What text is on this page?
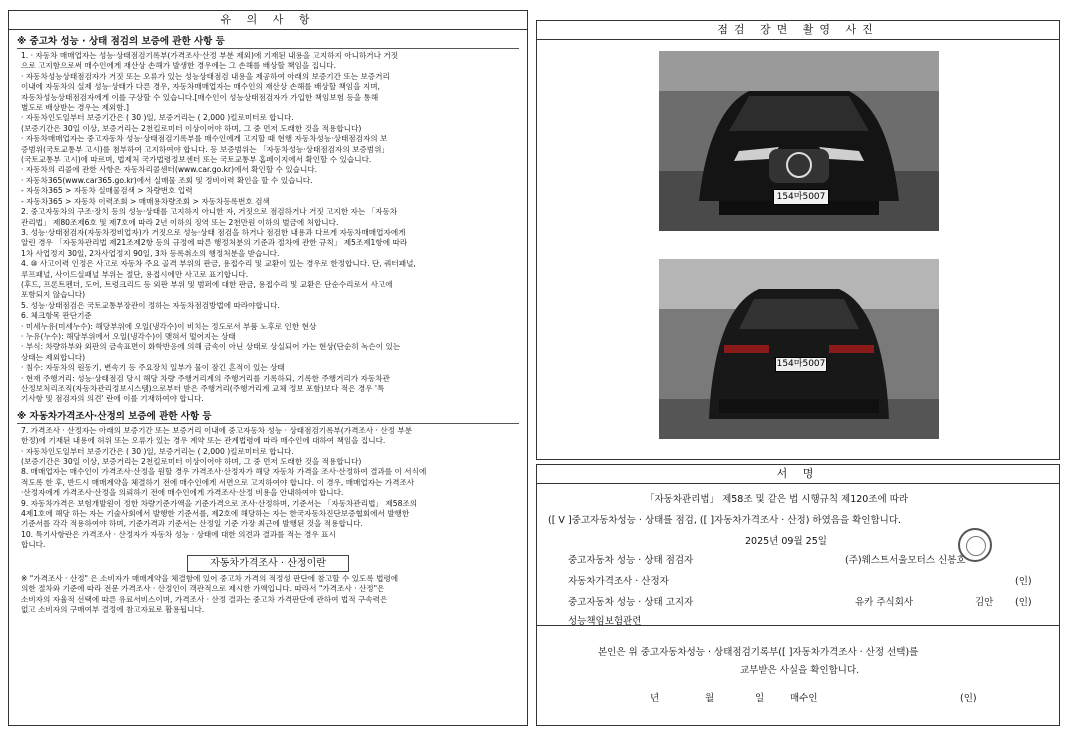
유 의 사 항
※ 중고차 성능 · 상태 점검의 보증에 관한 사항 등
1. · 자동차 매매업자는 성능·상태점검기록부(가격조사·산정 부분 제외)에 기재된 내용을 고지하지 아니하거나 거짓
으로 고지함으로써 매수인에게 재산상 손해가 발생한 경우에는 그 손해를 배상할 책임을 집니다.
· 자동차성능상태점검자가 거짓 또는 오류가 있는 성능상태점검 내용을 제공하여 아래의 보증기간 또는 보증거리
이내에 자동차의 실제 성능·상태가 다른 경우, 자동차매매업자는 매수인의 재산상 손해를 배상할 책임을 지며,
자동차성능상태점검자에게 이를 구상할 수 있습니다.[매수인이 성능상태점검자가 가입한 책임보험 등을 통해
별도로 배상받는 경우는 제외함.]
· 자동차인도일부터 보증기간은 ( 30 )일, 보증거리는 ( 2,000 )킬로미터로 합니다.
(보증기간은 30일 이상, 보증거리는 2천킬로미터 이상이어야 하며, 그 중 먼저 도래한 것을 적용합니다)
· 자동차매매업자는 중고자동차 성능·상태점검기록부를 매수인에게 고지할 때 현행 자동차성능·상태점검자의 보
증범위(국토교통부 고시)를 첨부하여 고지하여야 합니다. 등 보증범위는 「자동차성능·상태점검자의 보증범위」
(국토교통부 고시)에 따르며, 법제처 국가법령정보센터 또는 국토교통부 홈페이지에서 확인할 수 있습니다.
· 자동차의 리콜에 관한 사항은 자동차리콜센터(www.car.go.kr)에서 확인할 수 있습니다.
· 자동차365(www.car365.go.kr)에서 실매물 조회 및 정비이력 확인을 할 수 있습니다.
- 자동차365 > 자동차 실매물검색 > 차량번호 입력
- 자동차365 > 자동차 이력조회 > 매매용차량조회 > 자동차등록번호 검색
2. 중고자동차의 구조·장치 등의 성능·상태를 고지하지 아니한 자, 거짓으로 점검하거나 거짓 고지한 자는 「자동차
관리법」 제80조제6호 및 제7호에 따라 2년 이하의 징역 또는 2천만원 이하의 벌금에 처합니다.
3. 성능·상태점검자(자동차정비업자)가 거짓으로 성능·상태 점검을 하거나 점검한 내용과 다르게 자동차매매업자에게
알린 경우 「자동차관리법 제21조제2항 등의 규정에 따른 행정처분의 기준과 절차에 관한 규칙」 제5조제1항에 따라
1차 사업정지 30일, 2차사업정지 90일, 3차 등록취소의 행정처분을 받습니다.
4. ⑩ 사고이력 인정은 사고로 자동차 주요 골격 부위의 판금, 용접수리 및 교환이 있는 경우로 한정합니다. 단, 쿼터패널,
루프패널, 사이드실패널 부위는 절단, 용접시에만 사고로 표기합니다.
(후드, 프론트펜더, 도어, 트렁크리드 등 외판 부위 및 범퍼에 대한 판금, 용접수리 및 교환은 단순수리로서 사고에
포함되지 않습니다)
5. 성능·상태점검은 국토교통부장관이 정하는 자동차점검방법에 따라야합니다.
6. 체크항목 판단기준
· 미세누유(미세누수): 해당부위에 오일(냉각수)이 비치는 정도로서 부품 노후로 인한 현상
· 누유(누수): 해당부위에서 오일(냉각수)이 맺혀서 떨어지는 상태
· 부식: 차량하부와 외판의 금속표면이 화학반응에 의해 금속이 아닌 상태로 상실되어 가는 현상(단순히 녹슨이 있는
상태는 제외합니다)
· 침수: 자동차의 원동기, 변속기 등 주요장치 일부가 물이 잠긴 흔적이 있는 상태
· 현재 주행거리: 성능·상태점검 당시 해당 차량 주행거리계의 주행거리를 기록하되, 기록한 주행거리가 자동차관
산정보처리조직(자동차관리정보시스템)으로부터 받은 주행거리(주행거리계 교체 정보 포함)보다 적은 경우 '특
기사항 및 점검자의 의견' 란에 이를 기재하여야 합니다.
※ 자동차가격조사·산정의 보증에 관한 사항 등
7. 가격조사 · 산정자는 아래의 보증기간 또는 보증거리 이내에 중고자동차 성능 · 상태점검기록부(가격조사 · 산정 부분
한정)에 기재된 내용에 허위 또는 오류가 있는 경우 계약 또는 관계법령에 따라 매수인에 대하여 책임을 집니다.
· 자동차인도일부터 보증기간은 ( 30 )일, 보증거리는 ( 2,000 )킬로미터로 합니다.
(보증기간은 30일 이상, 보증거리는 2천킬로미터 이상이어야 하며, 그 중 먼저 도래한 것을 적용합니다)
8. 매매업자는 매수인이 가격조사·산정을 원할 경우 가격조사·산정자가 해당 자동차 가격을 조사·산정하여 결과를 이 서식에
적도록 한 후, 반드시 매매계약을 체결하기 전에 매수인에게 서면으로 고지하여야 합니다. 이 경우, 매매업자는 가격조사
·산정자에게 가격조사·산정을 의뢰하기 전에 매수인에게 가격조사·산정 비용을 안내하여야 합니다.
9. 자동차가격은 보험개발원이 정한 차량기준가액을 기준가격으로 조사·산정하며, 기준서는 「자동차관리법」 제58조의
4제1호에 해당 하는 자는 기술사회에서 발행한 기준서를, 제2호에 해당하는 자는 한국자동차진단보증협회에서 발행한
기준서를 각각 적용하여야 하며, 기준가격과 기준서는 산정일 기준 가장 최근에 발행된 것을 적용합니다.
10. 특기사항란은 가격조사 · 산정자가 자동차 성능 · 상태에 대한 의견과 결과를 적는 경우 표시
합니다.
자동차가격조사 · 산정이란
※ "가격조사 · 산정" 은 소비자가 매매계약을 체결함에 있어 중고차 가격의 적정성 판단에 참고할 수 있도록 법령에
의한 절차와 기준에 따라 전문 가격조사 · 산정인이 객관적으로 제시한 가액입니다. 따라서 "가격조사 · 산정"은
소비자의 자율적 선택에 따른 유료서비스이며, 가격조사 · 산정 결과는 중고차 가격판단에 관하여 법적 구속력은
없고 소비자의 구매여부 결정에 참고자료로 활용됩니다.
점검 장면 촬영 사진
154마5007
154마5007
서 명
「자동차관리법」 제58조 및 같은 법 시행규칙 제120조에 따라
([ V ]중고자동차성능 · 상태를 점검, ([ ]자동차가격조사 · 산정) 하였음을 확인합니다.
2025년 09월 25일
중고자동차 성능 · 상태 점검자	(주)웨스트서울모터스 신봉호
자동차가격조사 · 산정자	(인)
중고자동차 성능 · 상태 고지자	유카 주식회사	김안 (인)
성능책임보험관련
본인은 위 중고자동차성능 · 상태점검기록부([ ]자동차가격조사 · 산정 선택)를
교부받은 사실을 확인합니다.
년	월	일	매수인	(인)
